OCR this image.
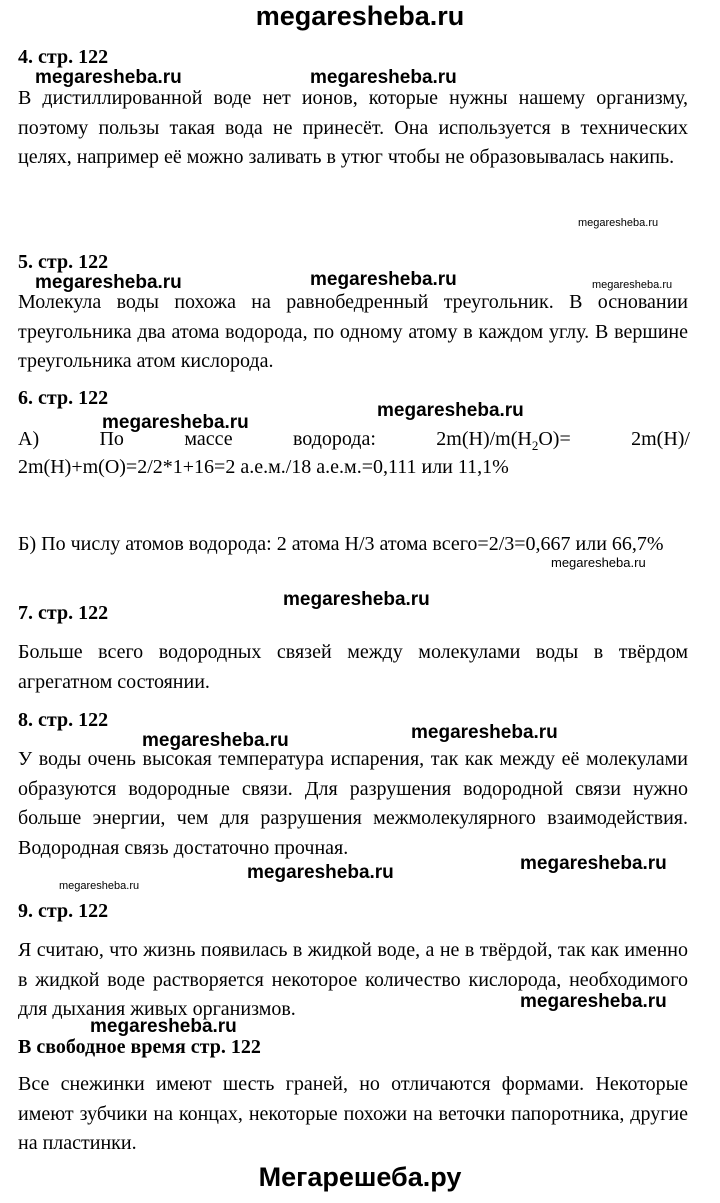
megaresheba.ru
4. стр. 122
megaresheba.ru	megaresheba.ru
В дистиллированной воде нет ионов, которые нужны нашему организму, поэтому пользы такая вода не принесёт. Она используется в технических целях, например её можно заливать в утюг чтобы не образовывалась накипь.
megaresheba.ru
5. стр. 122
megaresheba.ru	megaresheba.ru	megaresheba.ru
Молекула воды похожа на равнобедренный треугольник. В основании треугольника два атома водорода, по одному атому в каждом углу. В вершине треугольника атом кислорода.
6. стр. 122
megaresheba.ru
megaresheba.ru
А)	По	массе	водорода:	$2m(H)/m(H_2O)=$	2m(H)/
2m(H)+m(O)=2/2*1+16=2 а.е.м./18 а.е.м.=0,111 или 11,1%
Б) По числу атомов водорода: 2 атома H/3 атома всего=2/3=0,667 или 66,7%
megaresheba.ru
7. стр. 122
megaresheba.ru
Больше всего водородных связей между молекулами воды в твёрдом агрегатном состоянии.
8. стр. 122
megaresheba.ru
megaresheba.ru
У воды очень высокая температура испарения, так как между её молекулами образуются водородные связи. Для разрушения водородной связи нужно больше энергии, чем для разрушения межмолекулярного взаимодействия. Водородная связь достаточно прочная.
megaresheba.ru
megaresheba.ru
megaresheba.ru
9. стр. 122
Я считаю, что жизнь появилась в жидкой воде, а не в твёрдой, так как именно в жидкой воде растворяется некоторое количество кислорода, необходимого для дыхания живых организмов.	megaresheba.ru
megaresheba.ru
В свободное время стр. 122
Все снежинки имеют шесть граней, но отличаются формами. Некоторые имеют зубчики на концах, некоторые похожи на веточки папоротника, другие на пластинки.
Мегарешеба.ру
